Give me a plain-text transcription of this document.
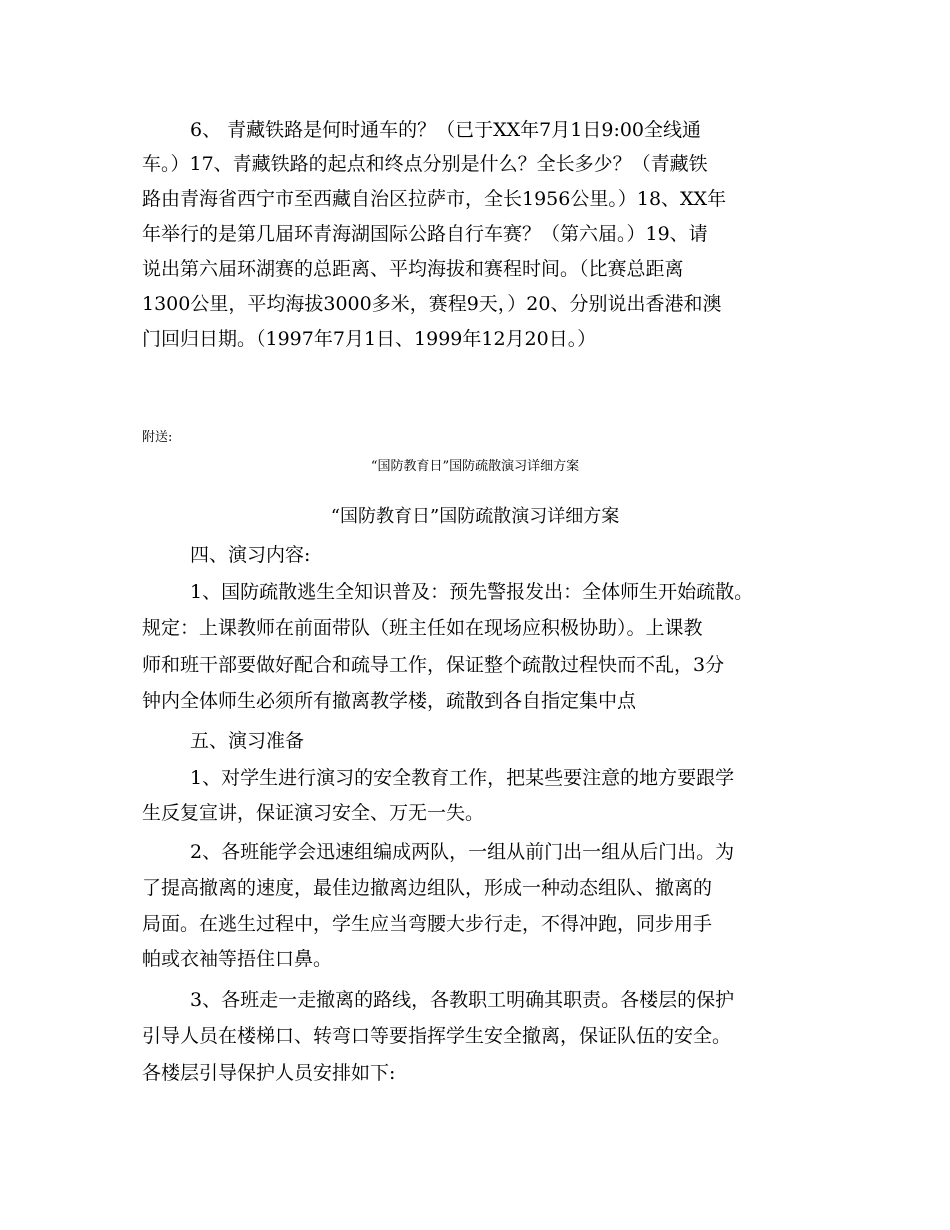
6、 青藏铁路是何时通车的？（已于XX年7月1日9:00全线通
车。）17、青藏铁路的起点和终点分别是什么？全长多少？（青藏铁
路由青海省西宁市至西藏自治区拉萨市，全长1956公里。）18、XX年
年举行的是第几届环青海湖国际公路自行车赛？（第六届。）19、请
说出第六届环湖赛的总距离、平均海拔和赛程时间。（比赛总距离
1300公里，平均海拔3000多米，赛程9天，）20、分别说出香港和澳
门回归日期。（1997年7月1日、1999年12月20日。）
附送:
“国防教育日”国防疏散演习详细方案
“国防教育日”国防疏散演习详细方案
四、演习内容:
1、国防疏散逃生全知识普及：预先警报发出：全体师生开始疏散。
规定：上课教师在前面带队（班主任如在现场应积极协助）。上课教
师和班干部要做好配合和疏导工作，保证整个疏散过程快而不乱，3分
钟内全体师生必须所有撤离教学楼，疏散到各自指定集中点
五、演习准备
1、对学生进行演习的安全教育工作，把某些要注意的地方要跟学
生反复宣讲，保证演习安全、万无一失。
2、各班能学会迅速组编成两队，一组从前门出一组从后门出。为
了提高撤离的速度，最佳边撤离边组队，形成一种动态组队、撤离的
局面。在逃生过程中，学生应当弯腰大步行走，不得冲跑，同步用手
帕或衣袖等捂住口鼻。
3、各班走一走撤离的路线，各教职工明确其职责。各楼层的保护
引导人员在楼梯口、转弯口等要指挥学生安全撤离，保证队伍的安全。
各楼层引导保护人员安排如下:
